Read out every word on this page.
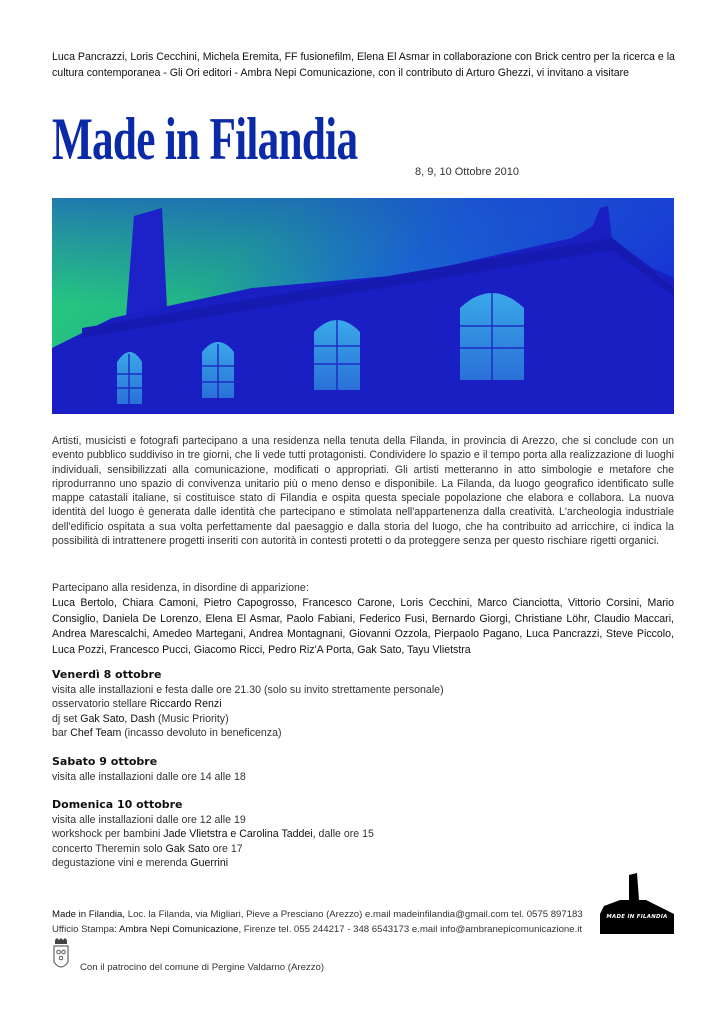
Luca Pancrazzi, Loris Cecchini, Michela Eremita, FF fusionefilm, Elena El Asmar in collaborazione con Brick centro per la ricerca e la cultura contemporanea - Gli Ori editori - Ambra Nepi Comunicazione, con il contributo di Arturo Ghezzi, vi invitano a visitare
Made in Filandia	8, 9, 10 Ottobre 2010
Artisti, musicisti e fotografi partecipano a una residenza nella tenuta della Filanda, in provincia di Arezzo, che si conclude con un evento pubblico suddiviso in tre giorni, che li vede tutti protagonisti. Condividere lo spazio e il tempo porta alla realizzazione di luoghi individuali, sensibilizzati alla comunicazione, modificati o appropriati. Gli artisti metteranno in atto simbologie e metafore che riprodurranno uno spazio di convivenza unitario più o meno denso e disponibile. La Filanda, da luogo geografico identificato sulle mappe catastali italiane, si costituisce stato di Filandia e ospita questa speciale popolazione che elabora e collabora. La nuova identità del luogo è generata dalle identità che partecipano e stimolata nell'appartenenza dalla creatività. L'archeologia industriale dell'edificio ospitata a sua volta perfettamente dal paesaggio e dalla storia del luogo, che ha contribuito ad arricchire, ci indica la possibilità di intrattenere progetti inseriti con autorità in contesti protetti o da proteggere senza per questo rischiare rigetti organici.
Partecipano alla residenza, in disordine di apparizione:
Luca Bertolo, Chiara Camoni, Pietro Capogrosso, Francesco Carone, Loris Cecchini, Marco Cianciotta, Vittorio Corsini, Mario Consiglio, Daniela De Lorenzo, Elena El Asmar, Paolo Fabiani, Federico Fusi, Bernardo Giorgi, Christiane Löhr, Claudio Maccari, Andrea Marescalchi, Amedeo Martegani, Andrea Montagnani, Giovanni Ozzola, Pierpaolo Pagano, Luca Pancrazzi, Steve Piccolo, Luca Pozzi, Francesco Pucci, Giacomo Ricci, Pedro Riz'A Porta, Gak Sato, Tayu Vlietstra
Venerdì 8 ottobre
visita alle installazioni e festa dalle ore 21.30 (solo su invito strettamente personale)
osservatorio stellare Riccardo Renzi
dj set Gak Sato, Dash (Music Priority)
bar Chef Team (incasso devoluto in beneficenza)
Sabato 9 ottobre
visita alle installazioni dalle ore 14 alle 18
Domenica 10 ottobre
visita alle installazioni dalle ore 12 alle 19
workshock per bambini Jade Vlietstra e Carolina Taddei, dalle ore 15
concerto Theremin solo Gak Sato ore 17
degustazione vini e merenda Guerrini
Made in Filandia, Loc. la Filanda, via Migliari, Pieve a Presciano (Arezzo) e.mail madeinfilandia@gmail.com tel. 0575 897183
Ufficio Stampa: Ambra Nepi Comunicazione, Firenze tel. 055 244217 - 348 6543173 e.mail info@ambranepicomunicazione.it
Con il patrocino del comune di Pergine Valdarno (Arezzo)
MADE IN FILANDIA
